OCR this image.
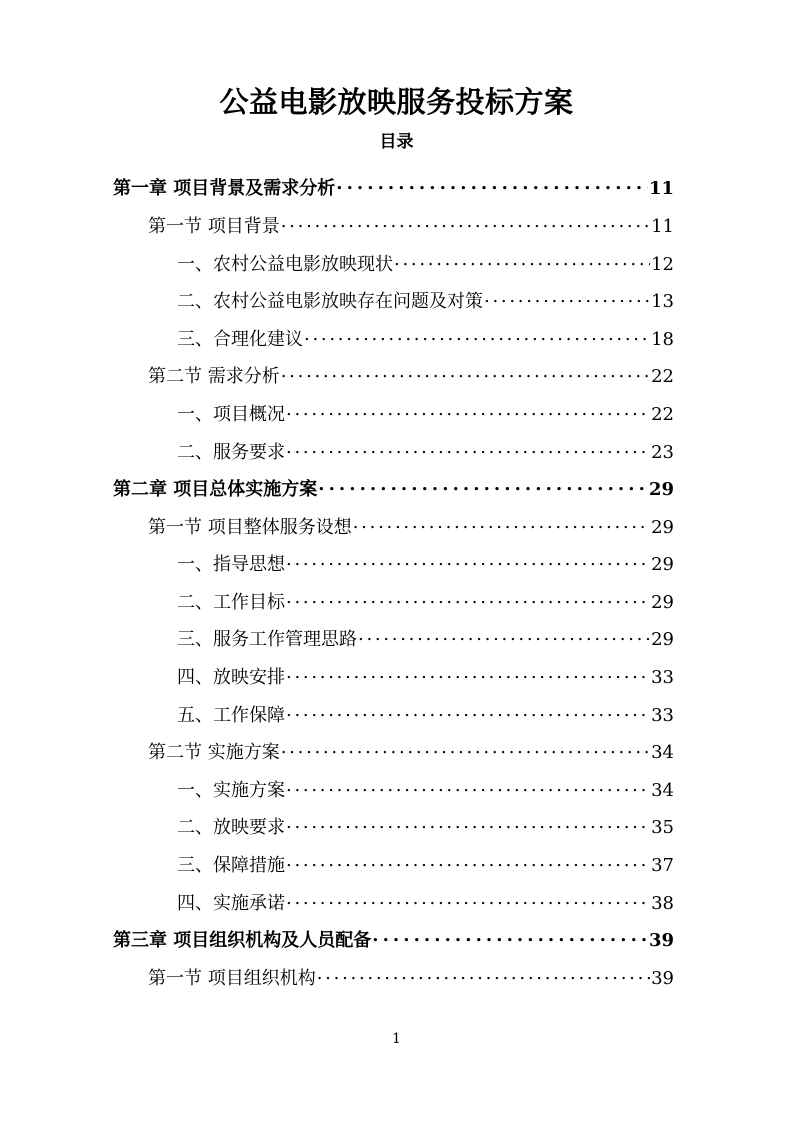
公益电影放映服务投标方案
目录
第一章 项目背景及需求分析 . . .	11
第一节 项目背景 . . .	11
一、农村公益电影放映现状 . . .	12
二、农村公益电影放映存在问题及对策 . . .	13
三、合理化建议 . . .	18
第二节 需求分析 . . .	22
一、项目概况 . . .	22
二、服务要求 . . .	23
第二章 项目总体实施方案 . . .	29
第一节 项目整体服务设想 . . .	29
一、指导思想 . . .	29
二、工作目标 . . .	29
三、服务工作管理思路 . . .	29
四、放映安排 . . .	33
五、工作保障 . . .	33
第二节 实施方案 . . .	34
一、实施方案 . . .	34
二、放映要求 . . .	35
三、保障措施 . . .	37
四、实施承诺 . . .	38
第三章 项目组织机构及人员配备 . . .	39
第一节 项目组织机构 . . .	39
1
